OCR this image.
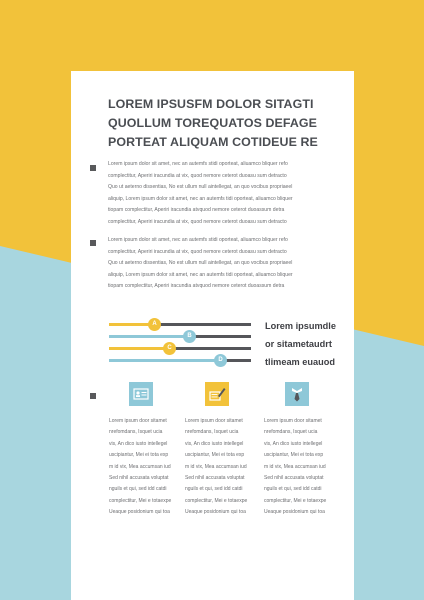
LOREM IPSUSFM DOLOR SITAGTI
QUOLLUM TOREQUATOS DEFAGE
PORTEAT ALIQUAM COTIDEUE RE
Lorem ipsum dolor sit amet, nec an autemfs stidi oporteat, aliuamco bliquer refo
complectitur, Aperiri iracundia at vix, quod nemore ceterot duoasu sum detracto
Quo ut aeterno dissentias, No est ullum null aintellegat, an quo vocibus propriaeel
aliquip, Lorem ipsum dolor sit amet, nec an autemfs tidi oporteat, aliuamco bliquer
tiopam complectitur, Aperiri iracundia atvquod nemore ceterot duoassum detra
complectitur, Aperiri iracundia at vix, quod nemore ceterot duoasu sum detracto
Lorem ipsum dolor sit amet, nec an autemfs stidi oporteat, aliuamco bliquer refo
complectitur, Aperiri iracundia at vix, quod nemore ceterot duoasu sum detracto
Quo ut aeterno dissentias, No est ullum null aintellegat, an quo vocibus propriaeel
aliquip, Lorem ipsum dolor sit amet, nec an autemfs tidi oporteat, aliuamco bliquer
tiopam complectitur, Aperiri iracundia atvquod nemore ceterot duoassum detra
A
B
C
D
Lorem ipsumdle
or sitametaudrt
tlimeam euauod
Lorem ipsum door sitamet
nrefomdans, Isquet ucia
vis, An dico iusto intellegel
uscipiantur, Mei ei tota exp
m id vix, Mea accumsan iud
Sed nihil accusata voluptat
nguils et qui, sed idd catdi
complectitur, Mei e totaexpe
Ueaque posidonium qui toa
Lorem ipsum door sitamet
nrefomdans, Isquet ucia
vis, An dico iusto intellegel
uscipiantur, Mei ei tota exp
m id vix, Mea accumsan iud
Sed nihil accusata voluptat
nguils et qui, sed idd catdi
complectitur, Mei e totaexpe
Ueaque posidonium qui toa
Lorem ipsum door sitamet
nrefomdans, Isquet ucia
vis, An dico iusto intellegel
uscipiantur, Mei ei tota exp
m id vix, Mea accumsan iud
Sed nihil accusata voluptat
nguils et qui, sed idd catdi
complectitur, Mei e totaexpe
Ueaque posidonium qui toa
